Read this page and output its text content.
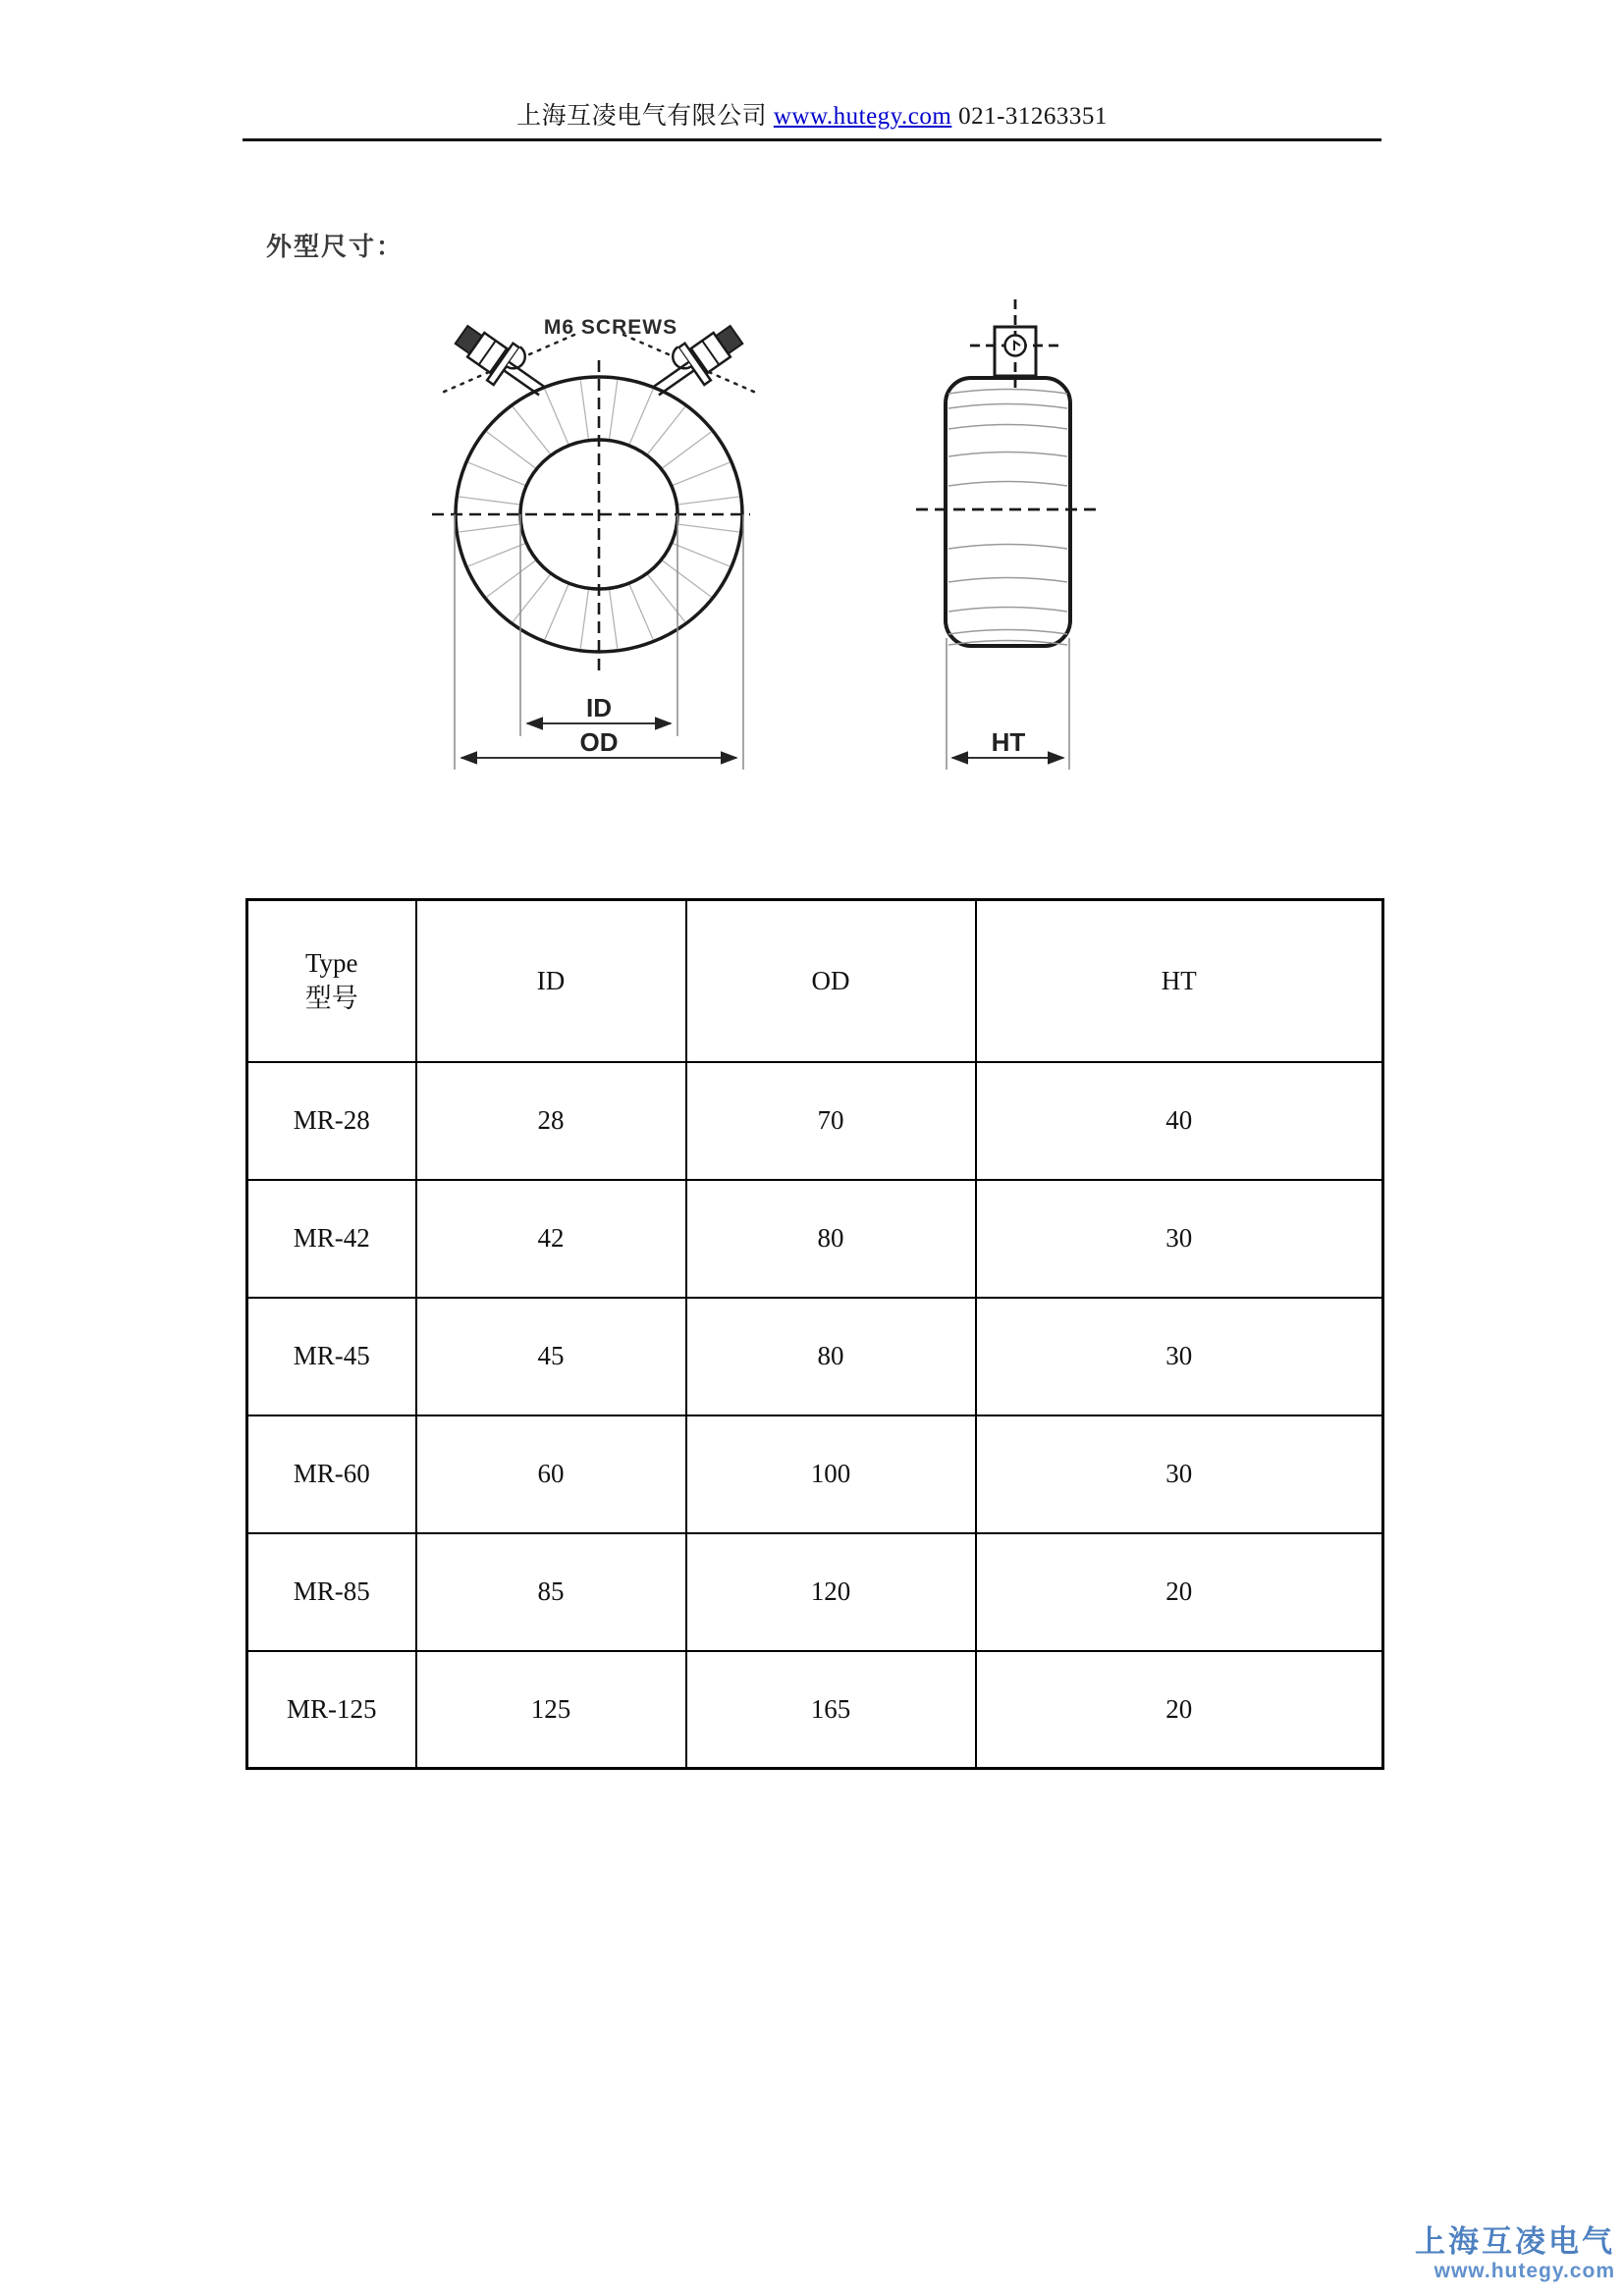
上海互凌电气有限公司 www.hutegy.com 021-31263351
外型尺寸：
ID
OD
M6 SCREWS
HT
Type
型号	ID	OD	HT
MR-28	28	70	40
MR-42	42	80	30
MR-45	45	80	30
MR-60	60	100	30
MR-85	85	120	20
MR-125	125	165	20
上海互凌电气
www.hutegy.com
